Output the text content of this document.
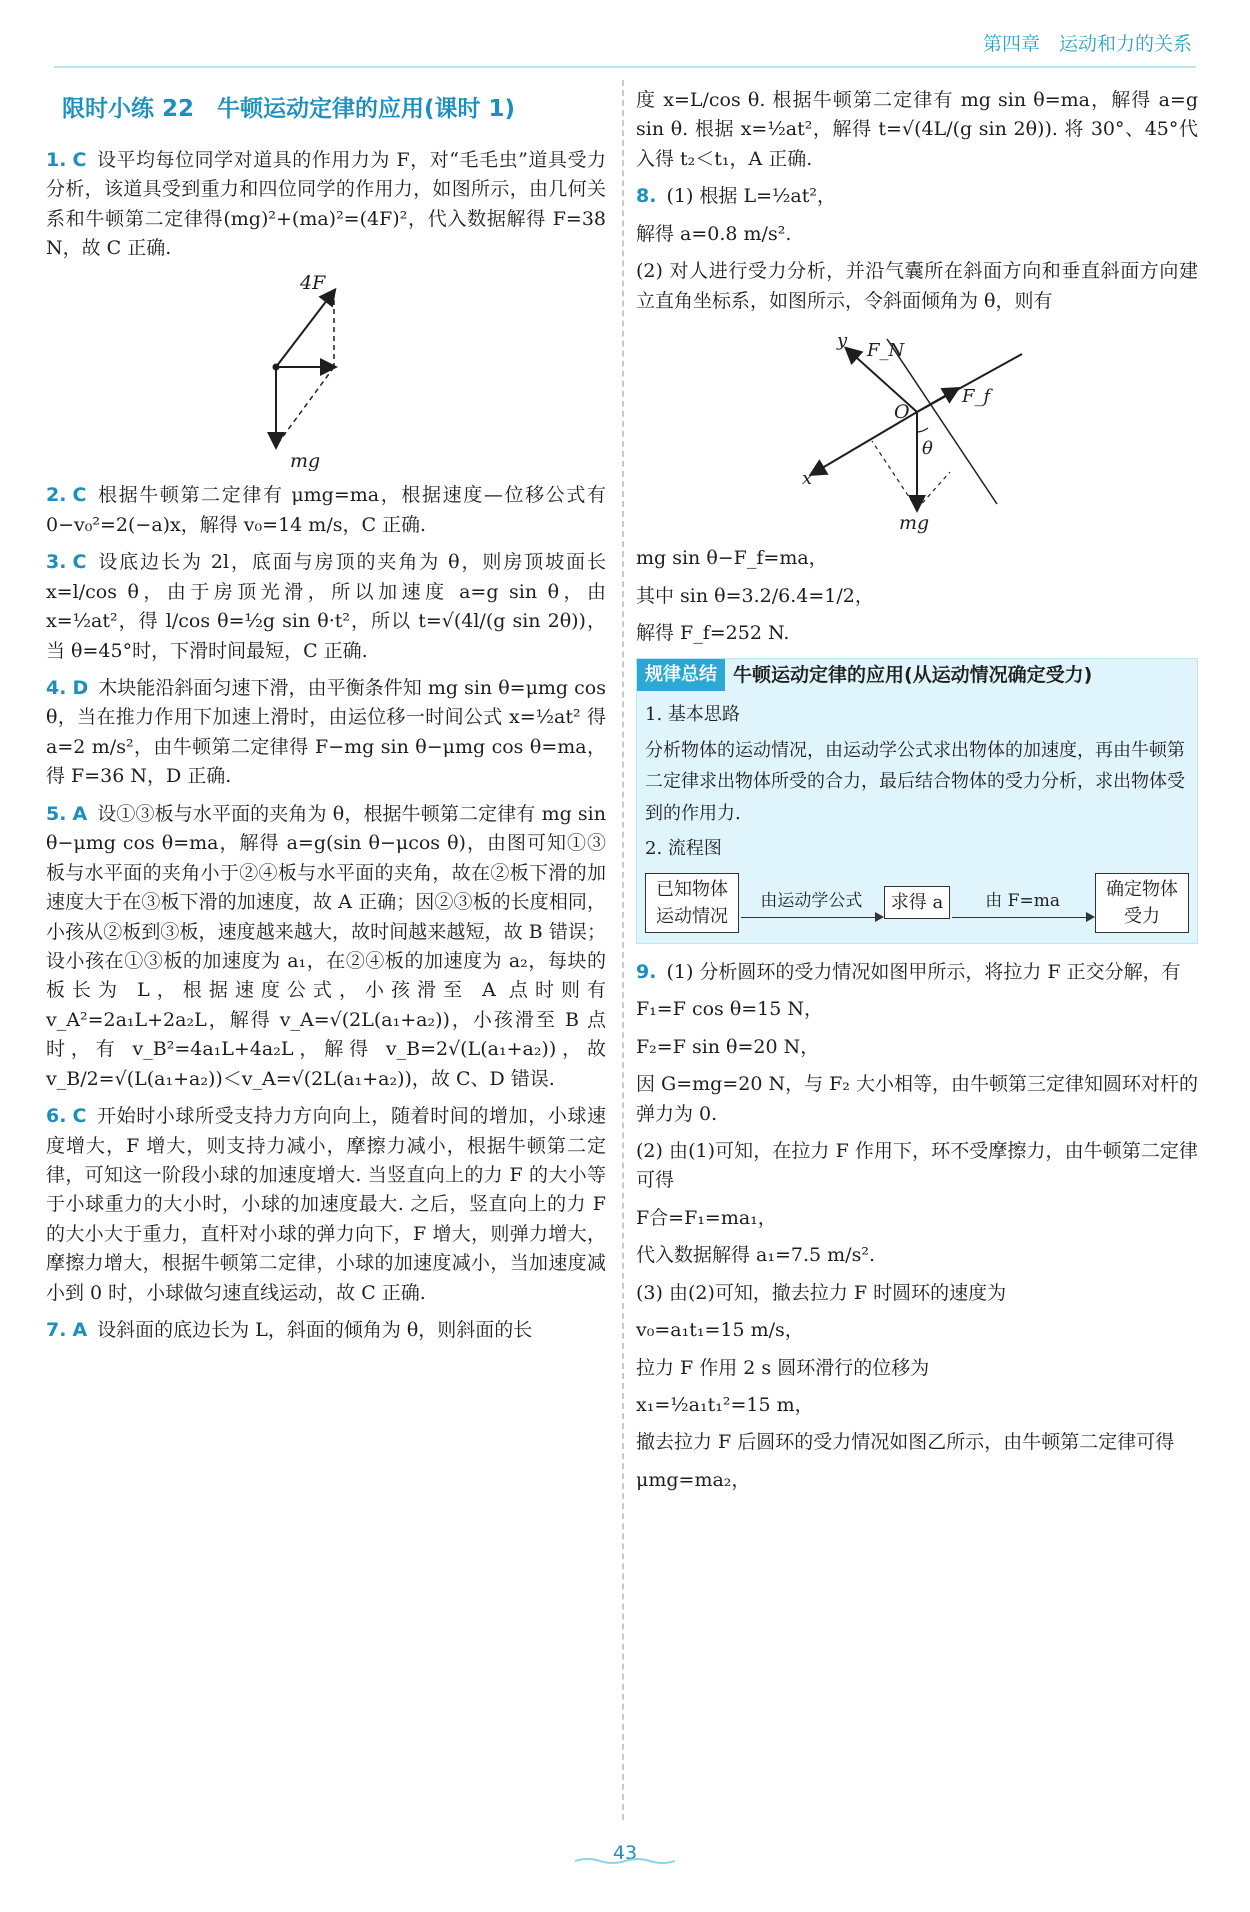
第四章　运动和力的关系
限时小练 22　牛顿运动定律的应用(课时 1)

1. C 设平均每位同学对道具的作用力为 F，对“毛毛虫”道具受力分析，该道具受到重力和四位同学的作用力，如图所示，由几何关系和牛顿第二定律得(mg)²+(ma)²=(4F)²，代入数据解得 F=38 N，故 C 正确.

4F
mg

2. C 根据牛顿第二定律有 μmg=ma，根据速度—位移公式有 0−v₀²=2(−a)x，解得 v₀=14 m/s，C 正确.

3. C 设底边长为 2l，底面与房顶的夹角为 θ，则房顶坡面长 x=l/cos θ，由于房顶光滑，所以加速度 a=g sin θ，由 x=½at²，得 l/cos θ=½g sin θ·t²，所以 t=√(4l/(g sin 2θ))，当 θ=45°时，下滑时间最短，C 正确.

4. D 木块能沿斜面匀速下滑，由平衡条件知 mg sin θ=μmg cos θ，当在推力作用下加速上滑时，由运位移一时间公式 x=½at² 得 a=2 m/s²，由牛顿第二定律得 F−mg sin θ−μmg cos θ=ma，得 F=36 N，D 正确.

5. A 设①③板与水平面的夹角为 θ，根据牛顿第二定律有 mg sin θ−μmg cos θ=ma，解得 a=g(sin θ−μcos θ)，由图可知①③板与水平面的夹角小于②④板与水平面的夹角，故在②板下滑的加速度大于在③板下滑的加速度，故 A 正确；因②③板的长度相同，小孩从②板到③板，速度越来越大，故时间越来越短，故 B 错误；设小孩在①③板的加速度为 a₁，在②④板的加速度为 a₂，每块的板长为 L，根据速度公式，小孩滑至 A 点时则有 v_A²=2a₁L+2a₂L，解得 v_A=√(2L(a₁+a₂))，小孩滑至 B 点时，有 v_B²=4a₁L+4a₂L，解得 v_B=2√(L(a₁+a₂))，故 v_B/2=√(L(a₁+a₂))＜v_A=√(2L(a₁+a₂))，故 C、D 错误.

6. C 开始时小球所受支持力方向向上，随着时间的增加，小球速度增大，F 增大，则支持力减小，摩擦力减小，根据牛顿第二定律，可知这一阶段小球的加速度增大. 当竖直向上的力 F 的大小等于小球重力的大小时，小球的加速度最大. 之后，竖直向上的力 F 的大小大于重力，直杆对小球的弹力向下，F 增大，则弹力增大，摩擦力增大，根据牛顿第二定律，小球的加速度减小，当加速度减小到 0 时，小球做匀速直线运动，故 C 正确.

7. A 设斜面的底边长为 L，斜面的倾角为 θ，则斜面的长

度 x=L/cos θ. 根据牛顿第二定律有 mg sin θ=ma，解得 a=g sin θ. 根据 x=½at²，解得 t=√(4L/(g sin 2θ)). 将 30°、45°代入得 t₂＜t₁，A 正确.

8. (1) 根据 L=½at²，

解得 a=0.8 m/s².

(2) 对人进行受力分析，并沿气囊所在斜面方向和垂直斜面方向建立直角坐标系，如图所示，令斜面倾角为 θ，则有

y F_N
F_f
O
θ
x
mg

mg sin θ−F_f=ma，

其中 sin θ=3.2/6.4=1/2，

解得 F_f=252 N.

规律总结 牛顿运动定律的应用(从运动情况确定受力)
1. 基本思路
分析物体的运动情况，由运动学公式求出物体的加速度，再由牛顿第二定律求出物体所受的合力，最后结合物体的受力分析，求出物体受到的作用力.
2. 流程图
已知物体运动情况
由运动学公式	求得 a	由 F=ma
确定物体受力

9. (1) 分析圆环的受力情况如图甲所示，将拉力 F 正交分解，有

F₁=F cos θ=15 N，

F₂=F sin θ=20 N，

因 G=mg=20 N，与 F₂ 大小相等，由牛顿第三定律知圆环对杆的弹力为 0.

(2) 由(1)可知，在拉力 F 作用下，环不受摩擦力，由牛顿第二定律可得

F合=F₁=ma₁，

代入数据解得 a₁=7.5 m/s².

(3) 由(2)可知，撤去拉力 F 时圆环的速度为

v₀=a₁t₁=15 m/s，

拉力 F 作用 2 s 圆环滑行的位移为

x₁=½a₁t₁²=15 m，

撤去拉力 F 后圆环的受力情况如图乙所示，由牛顿第二定律可得

μmg=ma₂，

43
